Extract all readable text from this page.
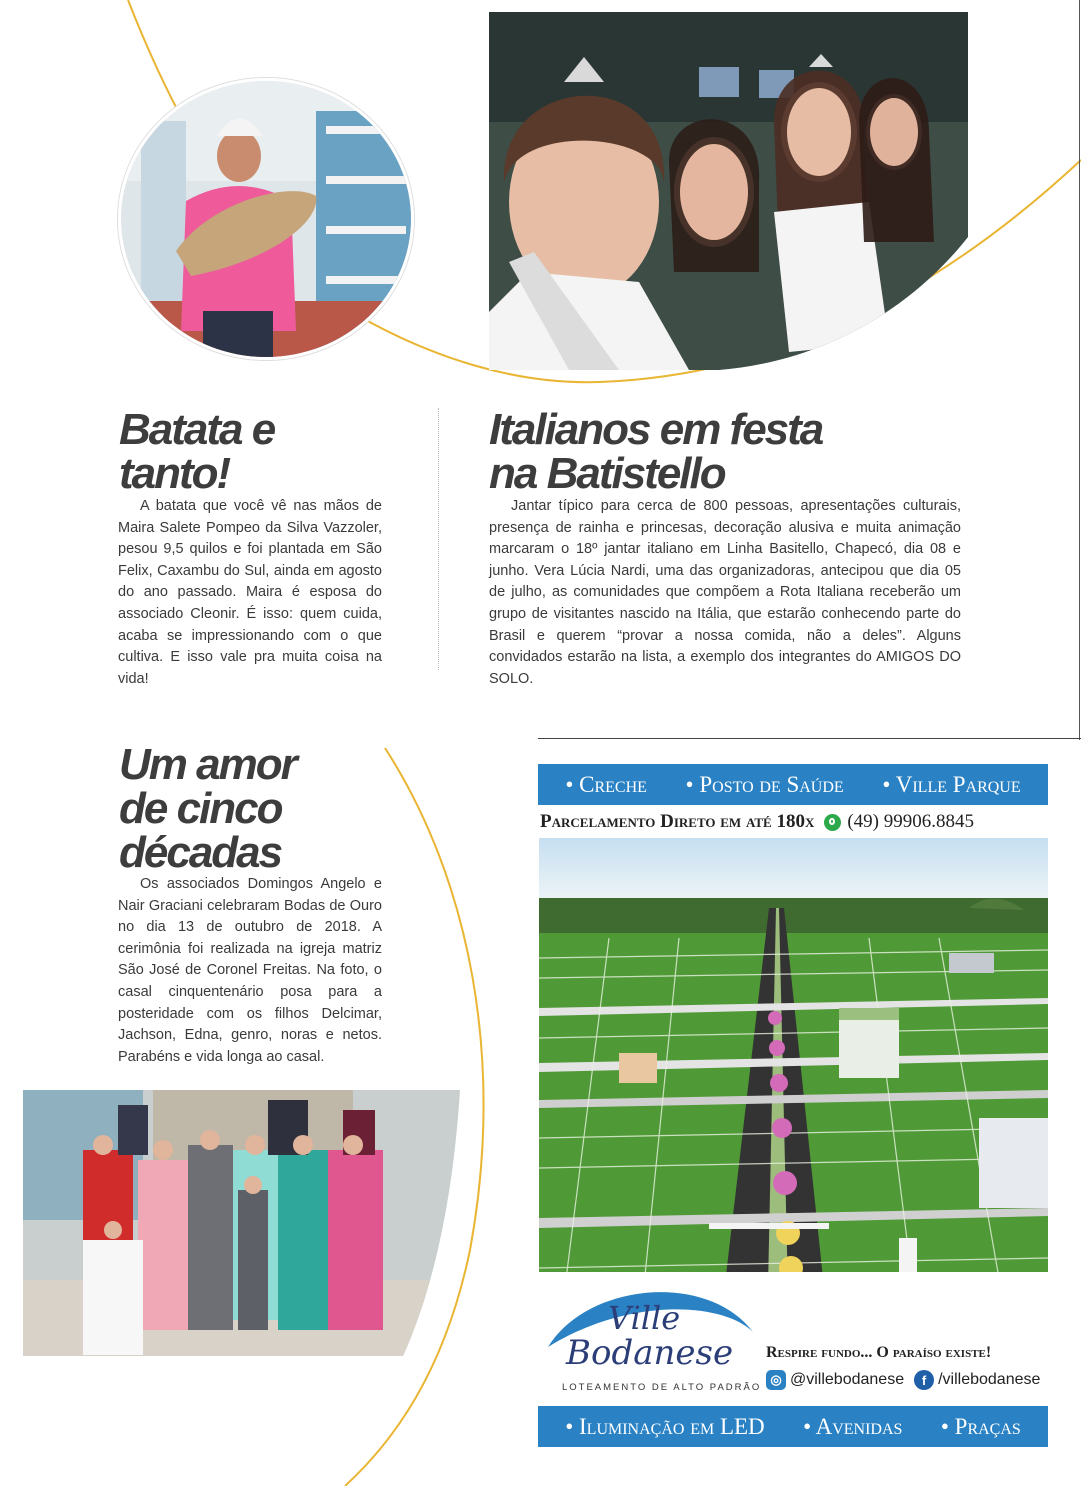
Batata e
tanto!

A batata que você vê nas mãos de Maira Salete Pompeo da Silva Vazzoler, pesou 9,5 quilos e foi plantada em São Felix, Caxambu do Sul, ainda em agosto do ano passado. Maira é esposa do associado Cleonir. É isso: quem cuida, acaba se impressionando com o que cultiva. E isso vale pra muita coisa na vida!

Italianos em festa
na Batistello

Jantar típico para cerca de 800 pessoas, apresentações culturais, presença de rainha e princesas, decoração alusiva e muita animação marcaram o 18º jantar italiano em Linha Basitello, Chapecó, dia 08 e junho. Vera Lúcia Nardi, uma das organizadoras, antecipou que dia 05 de julho, as comunidades que compõem a Rota Italiana receberão um grupo de visitantes nascido na Itália, que estarão conhecendo parte do Brasil e querem “provar a nossa comida, não a deles”. Alguns convidados estarão na lista, a exemplo dos integrantes do AMIGOS DO SOLO.

Um amor
de cinco
décadas

Os associados Domingos Angelo e Nair Graciani celebraram Bodas de Ouro no dia 13 de outubro de 2018. A cerimônia foi realizada na igreja matriz São José de Coronel Freitas. Na foto, o casal cinquentenário posa para a posteridade com os filhos Delcimar, Jachson, Edna, genro, noras e netos. Parabéns e vida longa ao casal.

• Creche • Posto de Saúde • Ville Parque
Parcelamento Direto em até 180x (49) 99906.8845
Ville
Bodanese
LOTEAMENTO DE ALTO PADRÃO
Respire fundo... O paraíso existe!
◎ @villebodanese	f /villebodanese
• Iluminação em LED • Avenidas • Praças
